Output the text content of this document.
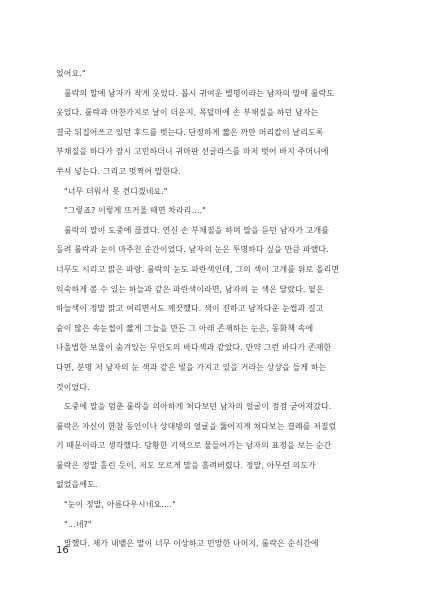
었어요."
룰락의 말에 남자가 작게 웃었다. 몹시 귀여운 별명이라는 남자의 말에 룰락도
웃었다. 룰락과 마찬가지로 날이 더운지, 목덜미에 손 부채질을 하던 남자는
결국 뒤집어쓰고 있던 후드를 벗는다. 단정하게 짧은 까만 머리칼이 날리도록
부채질을 하다가 잠시 고민하더니 귀마판 선글라스를 마저 벗어 바지 주머니에
쑤셔 넣는다. 그리고 멋쩍어 말한다.
"너무 더워서 못 견디겠네요."
"그렇죠? 이렇게 뜨거울 때면 차라리…."
룰락의 말이 도중에 끊겼다. 연신 손 부채질을 하며 말을 듣던 남자가 고개를
돌려 룰락과 눈이 마주친 순간이었다. 남자의 눈은 투명하다 싶을 만큼 파랬다.
너무도 시리고 맑은 파랑. 룰락의 눈도 파란색인데, 그의 색이 고개를 위로 올리면
익숙하게 볼 수 있는 하늘과 같은 파란색이라면, 남자의 눈 색은 달랐다. 옅은
하늘색이 정말 맑고 여리면서도 깨끗했다. 색이 진하고 남자다운 눈썹과 길고
숱이 많은 속눈썹이 짧게 그늘을 만든 그 아래 존재하는 눈은, 동화책 속에
나올법한 보물이 숨겨있는 무인도의 바다색과 같았다. 만약 그런 바다가 존재한
다면, 분명 저 남자의 눈 색과 같은 빛을 가지고 있을 거라는 상상을 들게 하는
것이었다.
도중에 말을 멈춘 룰락을 의아하게 쳐다보던 남자의 얼굴이 점점 굳어져갔다.
룰락은 자신이 한참 동안이나 상대방의 얼굴을 뚫어지게 쳐다보는 결례를 저질렀
기 때문이라고 생각했다. 당황한 기색으로 물들어가는 남자의 표정을 보는 순간
룰락은 정말 홀린 듯이, 저도 모르게 말을 흘려버렸다. 정말, 아무런 의도가
없었을에도.
"눈이 정말, 아름다우시네요…."
"…네?"
망했다. 제가 내뱉은 말이 너무 이상하고 민망한 나머지, 룰락은 순식간에
16
